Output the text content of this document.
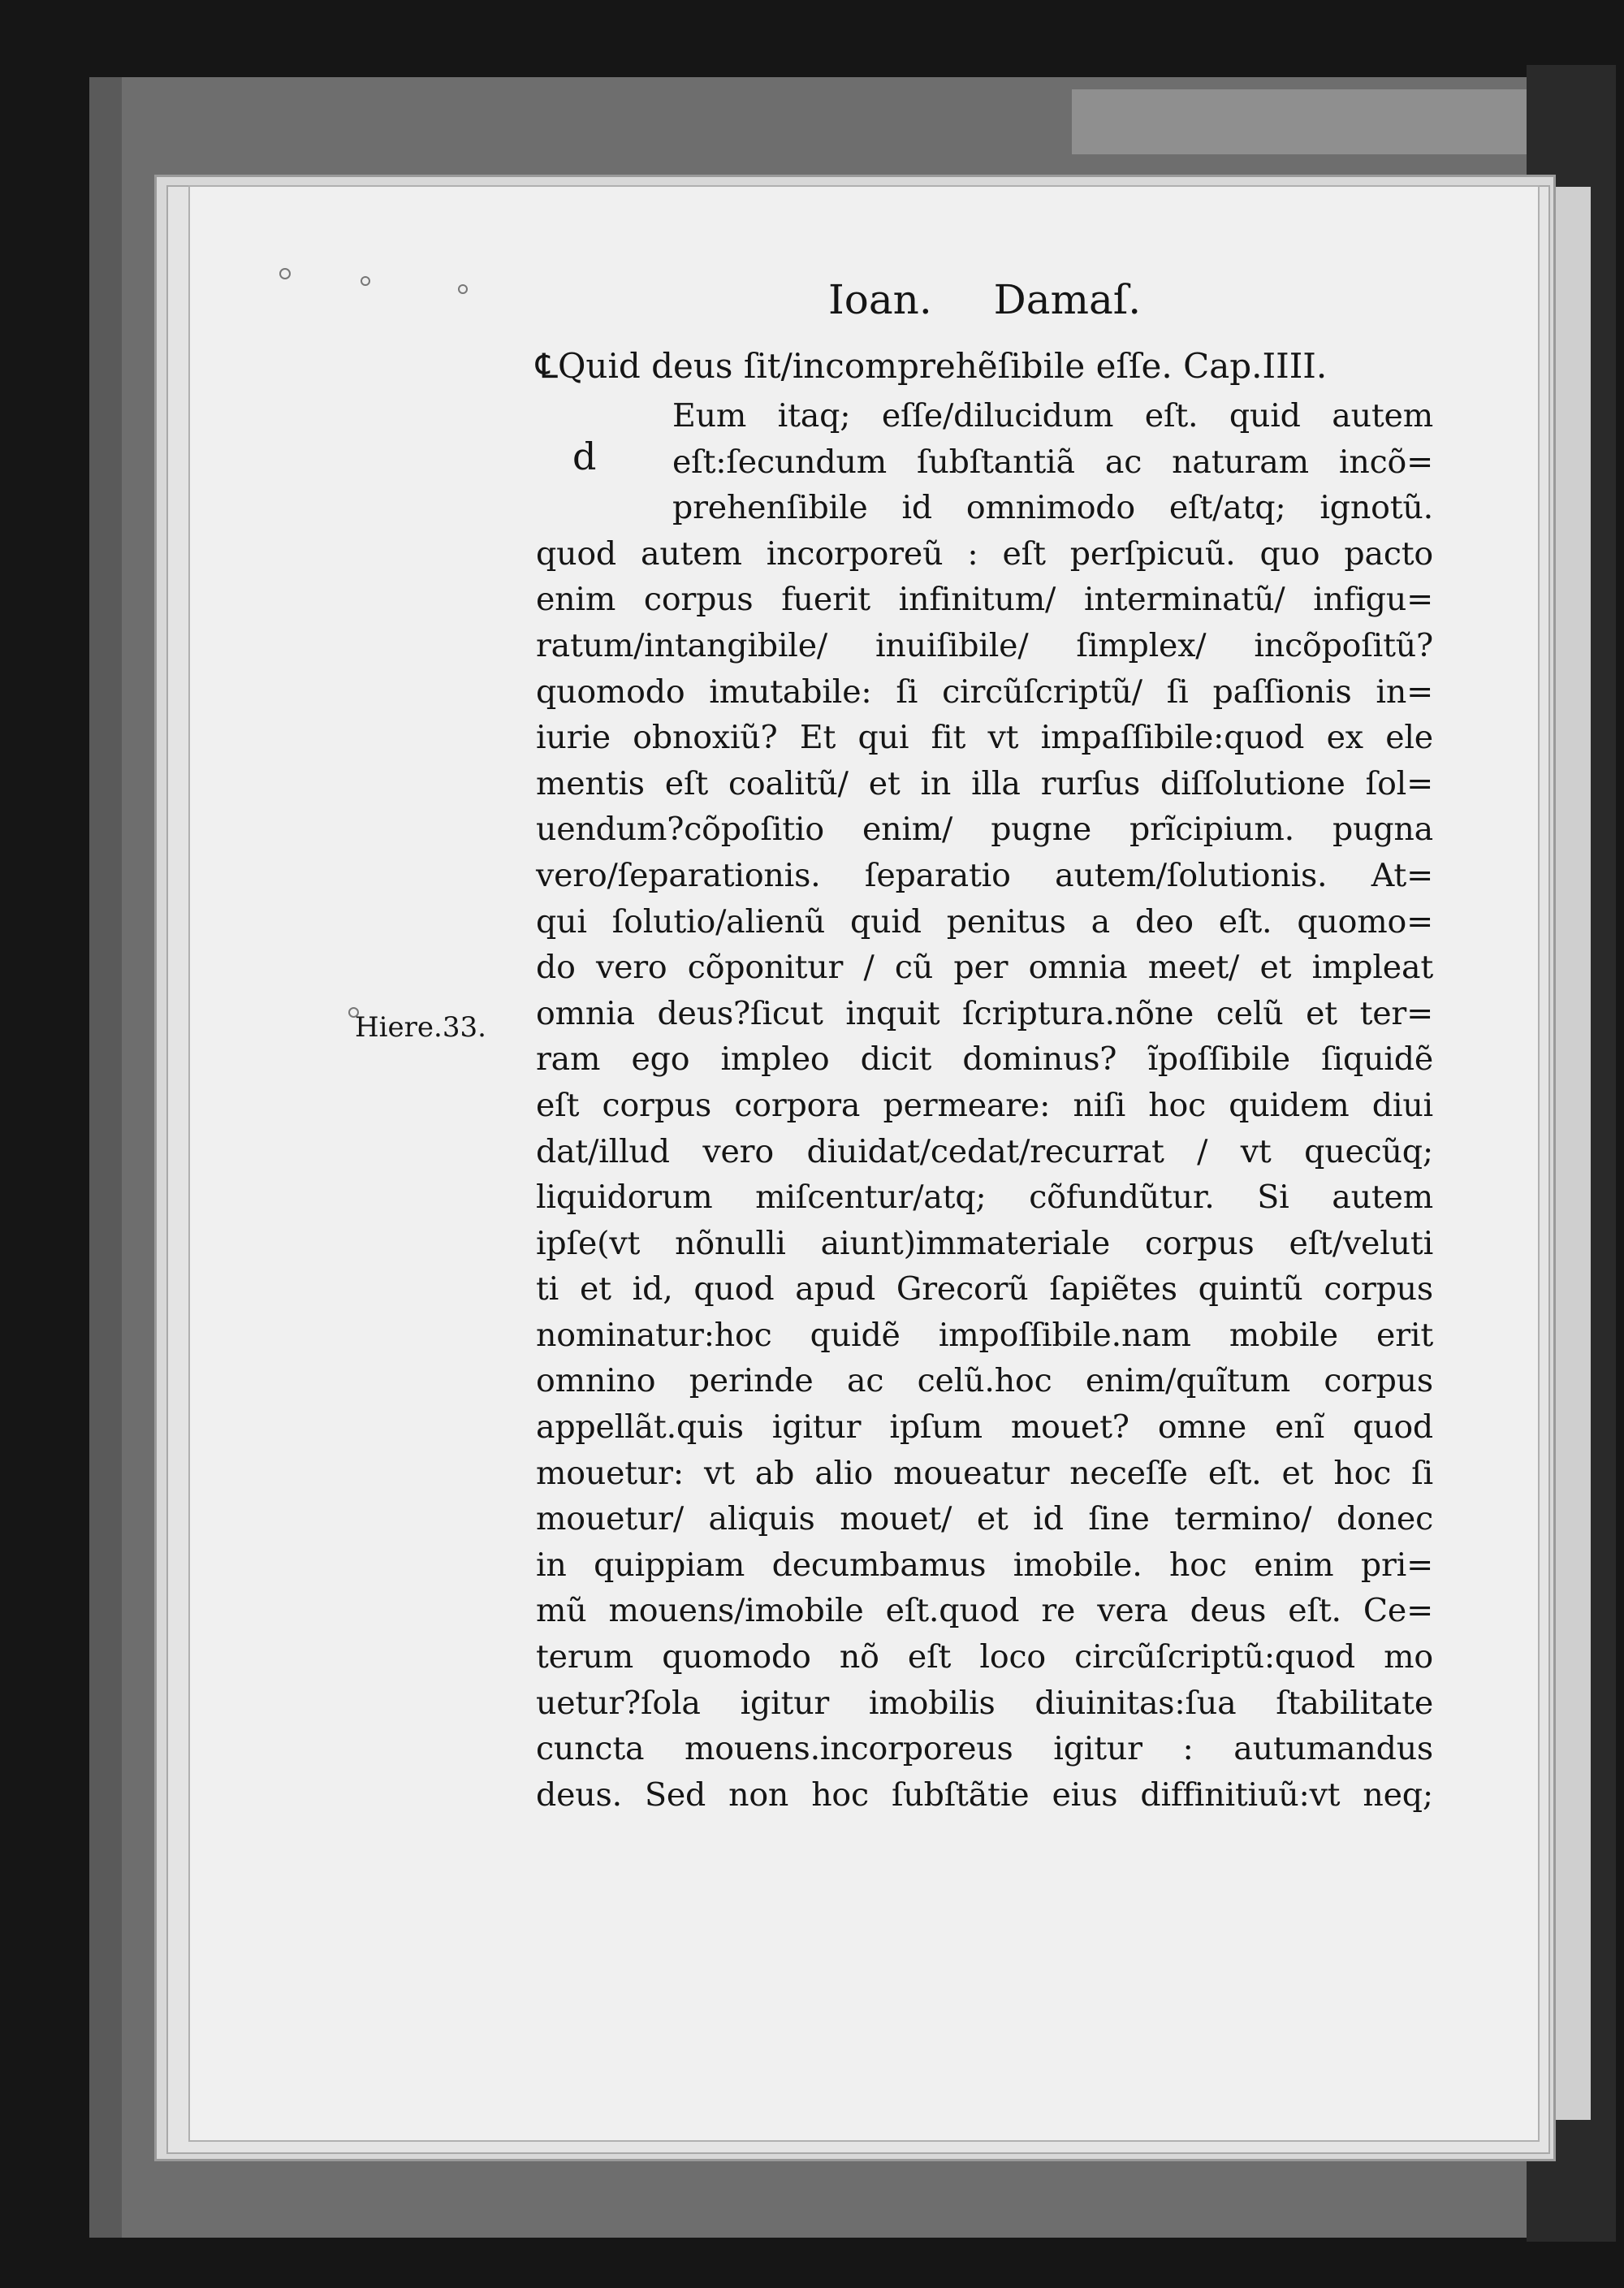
Ioan. Damaſ.
℄Quid deus ſit/incomprehẽſibile eſſe. Cap.IIII.
d
Hiere.33.
Eum itaq; eſſe/dilucidum eſt. quid autem
eſt:ſecundum ſubſtantiã ac naturam incõ=
prehenſibile id omnimodo eſt/atq; ignotũ.
quod autem incorporeũ : eſt perſpicuũ. quo pacto
enim corpus fuerit infinitum/ interminatũ/ infigu=
ratum/intangibile/ inuiſibile/ ſimplex/ incõpoſitũ?
quomodo imutabile: ſi circũſcriptũ/ ſi paſſionis in=
iurie obnoxiũ? Et qui fit vt impaſſibile:quod ex ele
mentis eſt coalitũ/ et in illa rurſus diſſolutione ſol=
uendum?cõpoſitio enim/ pugne prĩcipium. pugna
vero/ſeparationis. ſeparatio autem/ſolutionis. At=
qui ſolutio/alienũ quid penitus a deo eſt. quomo=
do vero cõponitur / cũ per omnia meet/ et impleat
omnia deus?ſicut inquit ſcriptura.nõne celũ et ter=
ram ego impleo dicit dominus? ĩpoſſibile ſiquidẽ
eſt corpus corpora permeare: niſi hoc quidem diui
dat/illud vero diuidat/cedat/recurrat / vt quecũq;
liquidorum miſcentur/atq; cõfundũtur. Si autem
ipſe(vt nõnulli aiunt)immateriale corpus eſt/veluti
ti et id, quod apud Grecorũ ſapiẽtes quintũ corpus
nominatur:hoc quidẽ impoſſibile.nam mobile erit
omnino perinde ac celũ.hoc enim/quĩtum corpus
appellãt.quis igitur ipſum mouet? omne enĩ quod
mouetur: vt ab alio moueatur neceſſe eſt. et hoc ſi
mouetur/ aliquis mouet/ et id ſine termino/ donec
in quippiam decumbamus imobile. hoc enim pri=
mũ mouens/imobile eſt.quod re vera deus eſt. Ce=
terum quomodo nõ eſt loco circũſcriptũ:quod mo
uetur?ſola igitur imobilis diuinitas:ſua ſtabilitate
cuncta mouens.incorporeus igitur : autumandus
deus. Sed non hoc ſubſtãtie eius diffinitiuũ:vt neq;
